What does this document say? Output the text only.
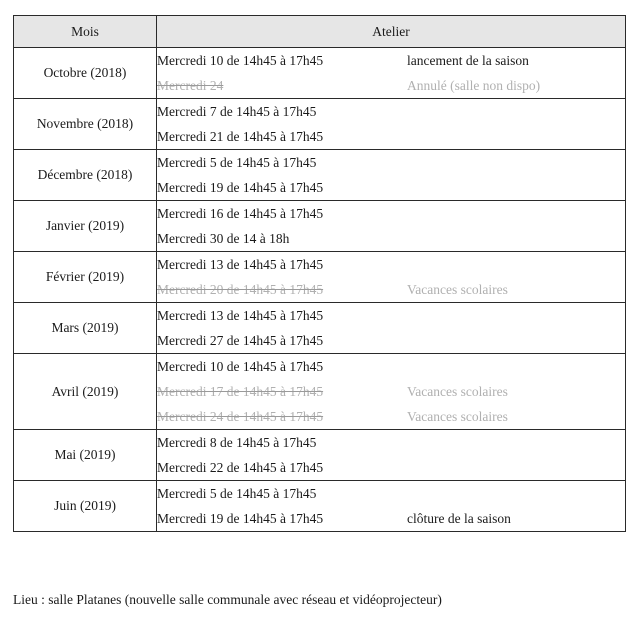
Mois	Atelier
Octobre (2018)	Mercredi 10 de 14h45 à 17h45 lancement de la saison
Mercredi 24 Annulé (salle non dispo)

Novembre (2018)	Mercredi 7 de 14h45 à 17h45
Mercredi 21 de 14h45 à 17h45

Décembre (2018)	Mercredi 5 de 14h45 à 17h45
Mercredi 19 de 14h45 à 17h45

Janvier (2019)	Mercredi 16 de 14h45 à 17h45
Mercredi 30 de 14 à 18h

Février (2019)	Mercredi 13 de 14h45 à 17h45
Mercredi 20 de 14h45 à 17h45 Vacances scolaires

Mars (2019)	Mercredi 13 de 14h45 à 17h45
Mercredi 27 de 14h45 à 17h45

Avril (2019)	Mercredi 10 de 14h45 à 17h45
Mercredi 17 de 14h45 à 17h45 Vacances scolaires
Mercredi 24 de 14h45 à 17h45 Vacances scolaires

Mai (2019)	Mercredi 8 de 14h45 à 17h45
Mercredi 22 de 14h45 à 17h45

Juin (2019)	Mercredi 5 de 14h45 à 17h45
Mercredi 19 de 14h45 à 17h45 clôture de la saison
Lieu : salle Platanes (nouvelle salle communale avec réseau et vidéoprojecteur)
